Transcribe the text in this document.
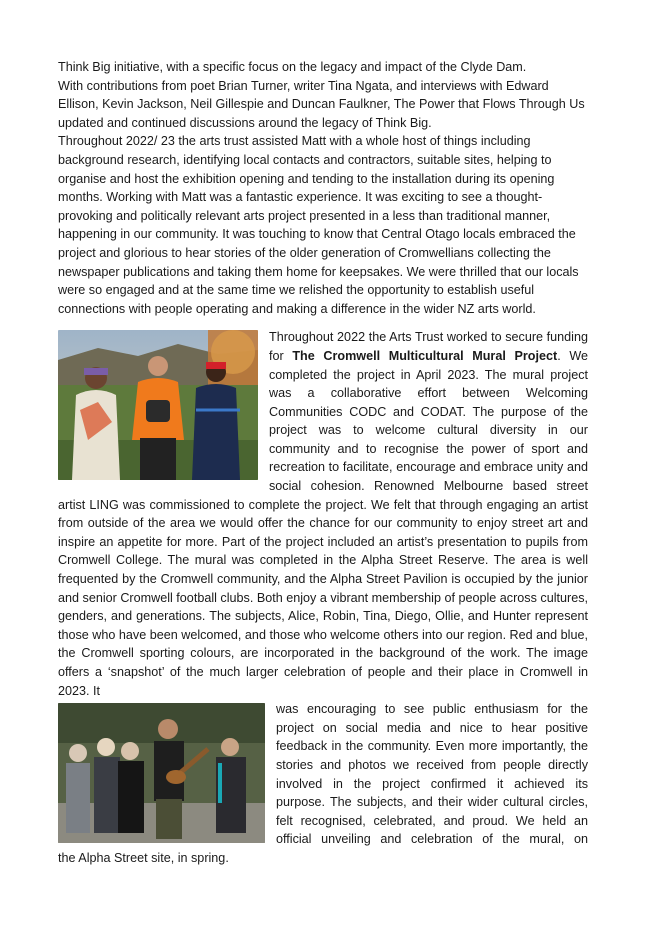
Think Big initiative, with a specific focus on the legacy and impact of the Clyde Dam.

With contributions from poet Brian Turner, writer Tina Ngata, and interviews with Edward Ellison, Kevin Jackson, Neil Gillespie and Duncan Faulkner, The Power that Flows Through Us updated and continued discussions around the legacy of Think Big.

Throughout 2022/ 23 the arts trust assisted Matt with a whole host of things including background research, identifying local contacts and contractors, suitable sites, helping to organise and host the exhibition opening and tending to the installation during its opening months. Working with Matt was a fantastic experience. It was exciting to see a thought-provoking and politically relevant arts project presented in a less than traditional manner, happening in our community. It was touching to know that Central Otago locals embraced the project and glorious to hear stories of the older generation of Cromwellians collecting the newspaper publications and taking them home for keepsakes. We were thrilled that our locals were so engaged and at the same time we relished the opportunity to establish useful connections with people operating and making a difference in the wider NZ arts world.

Throughout 2022 the Arts Trust worked to secure funding for The Cromwell Multicultural Mural Project. We completed the project in April 2023. The mural project was a collaborative effort between Welcoming Communities CODC and CODAT. The purpose of the project was to welcome cultural diversity in our community and to recognise the power of sport and recreation to facilitate, encourage and embrace unity and social cohesion. Renowned Melbourne based street artist LING was commissioned to complete the project. We felt that through engaging an artist from outside of the area we would offer the chance for our community to enjoy street art and inspire an appetite for more. Part of the project included an artist’s presentation to pupils from Cromwell College. The mural was completed in the Alpha Street Reserve. The area is well frequented by the Cromwell community, and the Alpha Street Pavilion is occupied by the junior and senior Cromwell football clubs. Both enjoy a vibrant membership of people across cultures, genders, and generations. The subjects, Alice, Robin, Tina, Diego, Ollie, and Hunter represent those who have been welcomed, and those who welcome others into our region. Red and blue, the Cromwell sporting colours, are incorporated in the background of the work. The image offers a ‘snapshot’ of the much larger celebration of people and their place in Cromwell in 2023. It

was encouraging to see public enthusiasm for the project on social media and nice to hear positive feedback in the community. Even more importantly, the stories and photos we received from people directly involved in the project confirmed it achieved its purpose. The subjects, and their wider cultural circles, felt recognised, celebrated, and proud. We held an official unveiling and celebration of the mural, on

the Alpha Street site, in spring.
